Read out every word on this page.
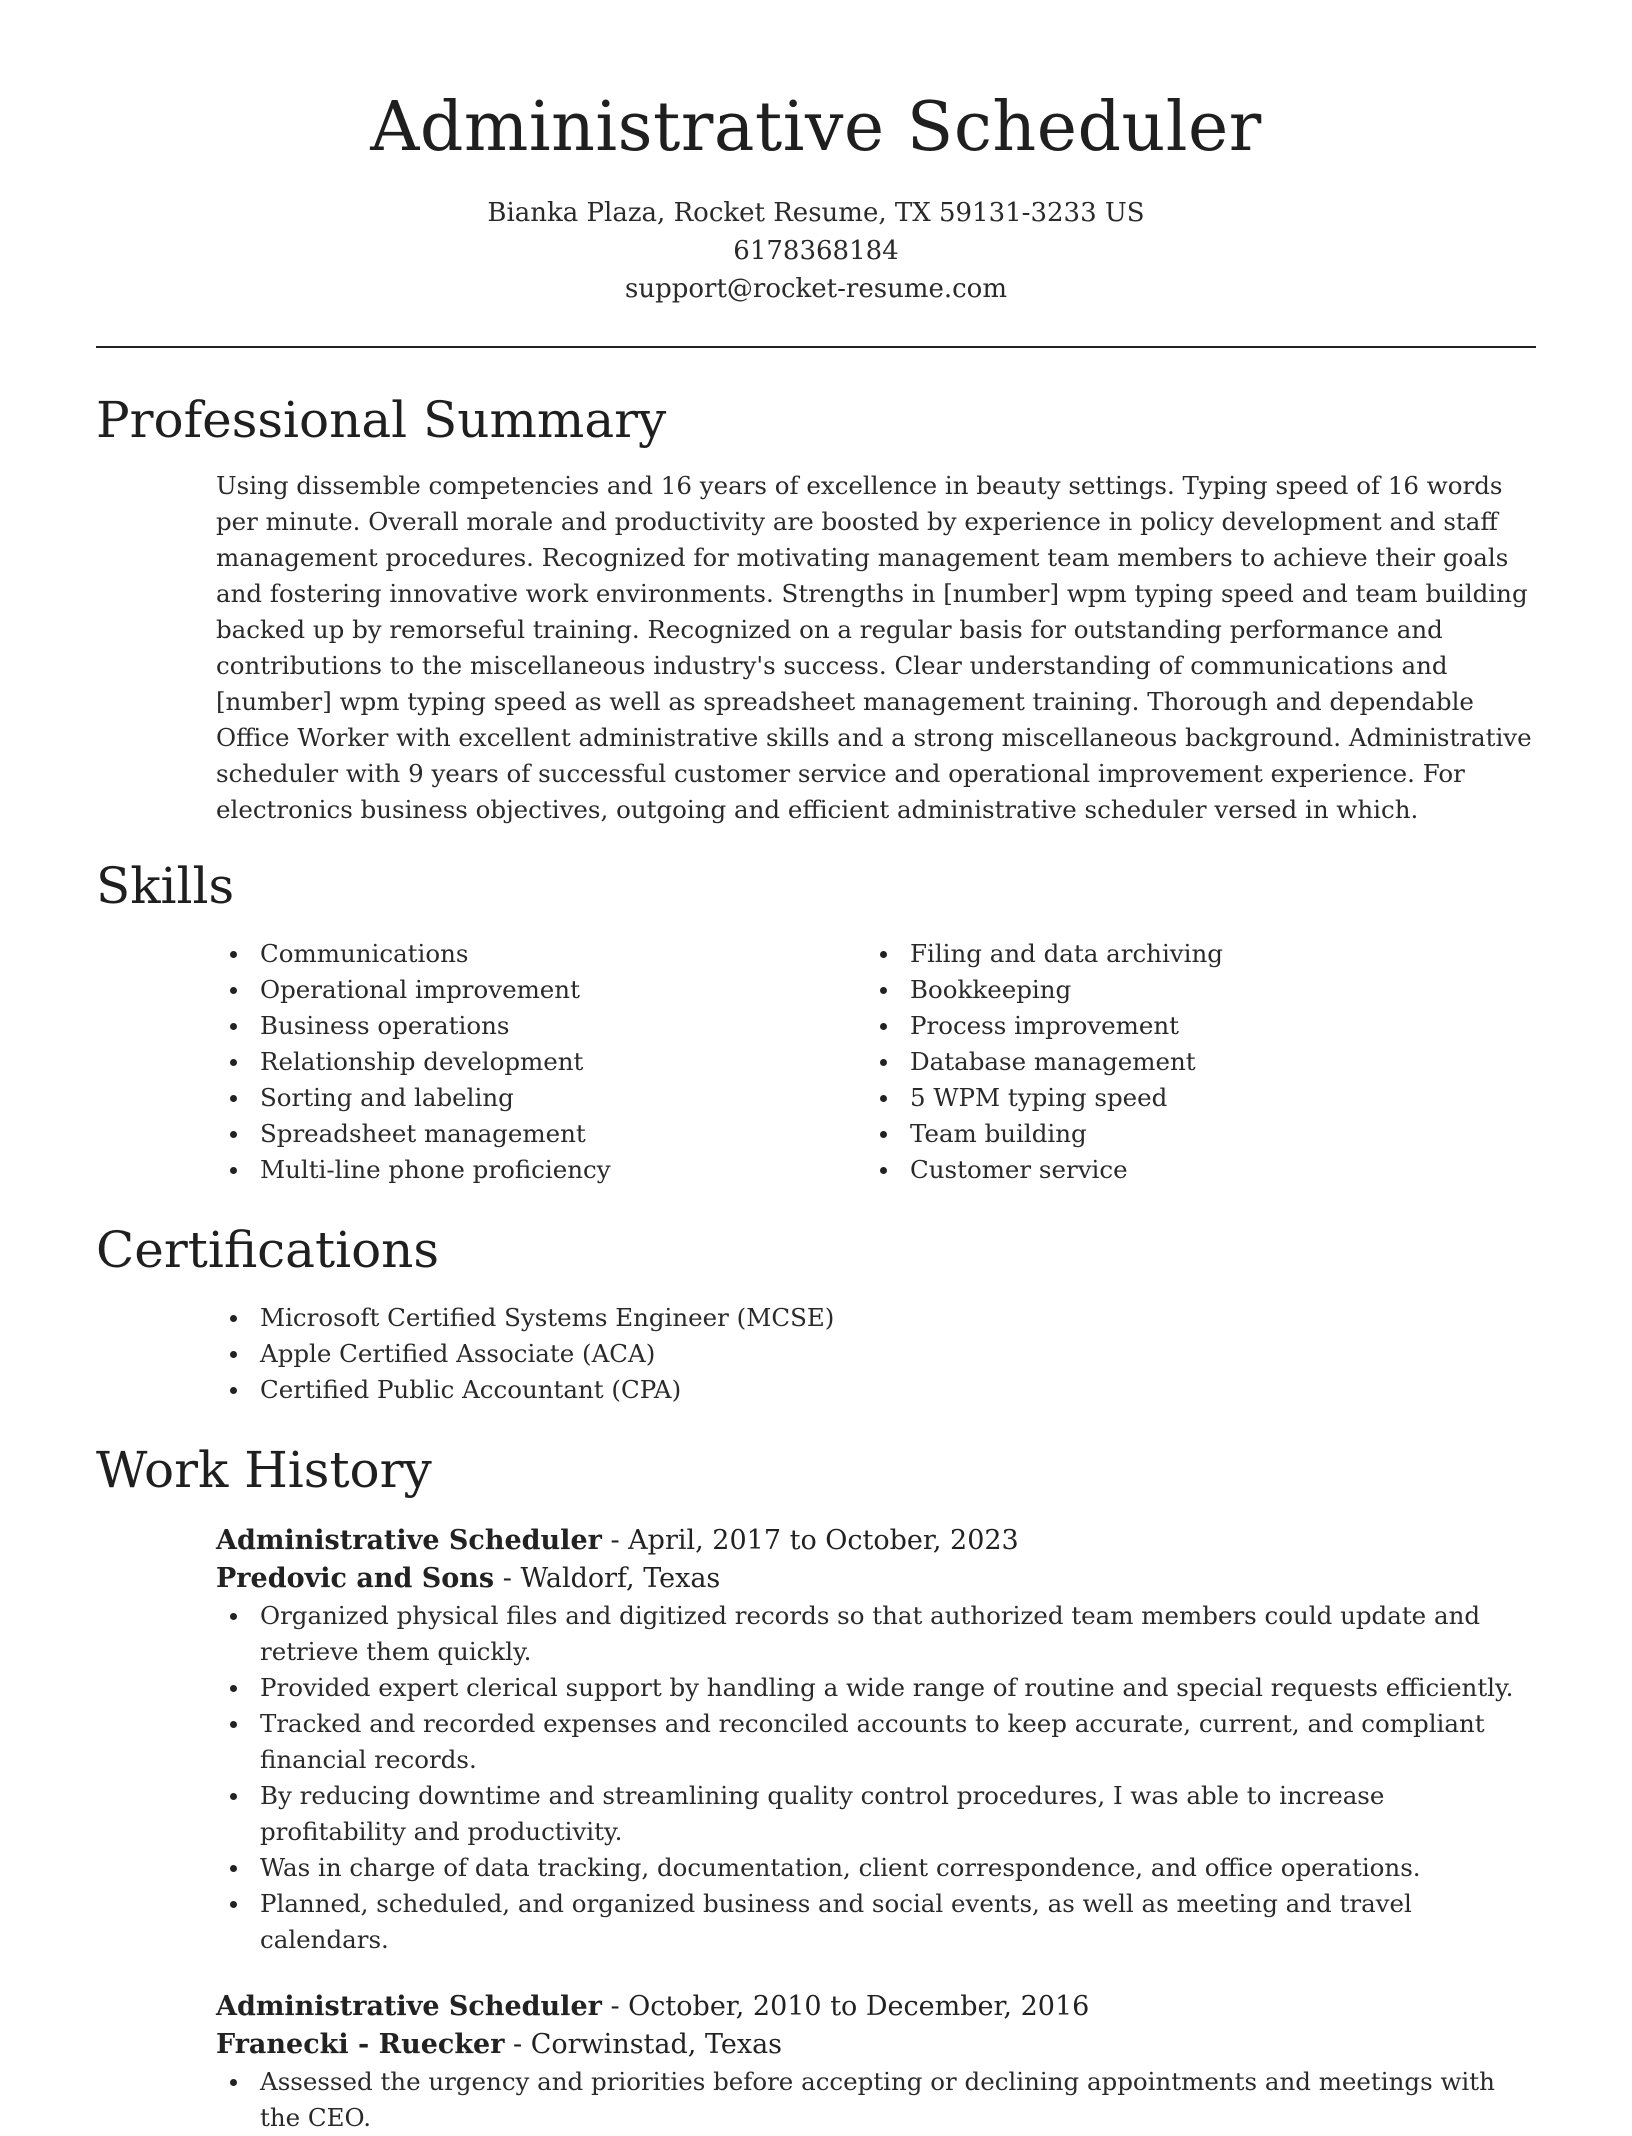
Administrative Scheduler

Bianka Plaza, Rocket Resume, TX 59131-3233 US

6178368184

support@rocket-resume.com

Professional Summary

Using dissemble competencies and 16 years of excellence in beauty settings. Typing speed of 16 words per minute. Overall morale and productivity are boosted by experience in policy development and staff management procedures. Recognized for motivating management team members to achieve their goals and fostering innovative work environments. Strengths in [number] wpm typing speed and team building backed up by remorseful training. Recognized on a regular basis for outstanding performance and contributions to the miscellaneous industry's success. Clear understanding of communications and [number] wpm typing speed as well as spreadsheet management training. Thorough and dependable Office Worker with excellent administrative skills and a strong miscellaneous background. Administrative scheduler with 9 years of successful customer service and operational improvement experience. For electronics business objectives, outgoing and efficient administrative scheduler versed in which.

Skills
Communications
Operational improvement
Business operations
Relationship development
Sorting and labeling
Spreadsheet management
Multi-line phone proficiency
Filing and data archiving
Bookkeeping
Process improvement
Database management
5 WPM typing speed
Team building
Customer service
Certifications
Microsoft Certified Systems Engineer (MCSE)
Apple Certified Associate (ACA)
Certified Public Accountant (CPA)
Work History

Administrative Scheduler - April, 2017 to October, 2023

Predovic and Sons - Waldorf, Texas

Organized physical files and digitized records so that authorized team members could update and retrieve them quickly.
Provided expert clerical support by handling a wide range of routine and special requests efficiently.
Tracked and recorded expenses and reconciled accounts to keep accurate, current, and compliant financial records.
By reducing downtime and streamlining quality control procedures, I was able to increase profitability and productivity.
Was in charge of data tracking, documentation, client correspondence, and office operations.
Planned, scheduled, and organized business and social events, as well as meeting and travel calendars.

Administrative Scheduler - October, 2010 to December, 2016

Franecki - Ruecker - Corwinstad, Texas

Assessed the urgency and priorities before accepting or declining appointments and meetings with the CEO.
